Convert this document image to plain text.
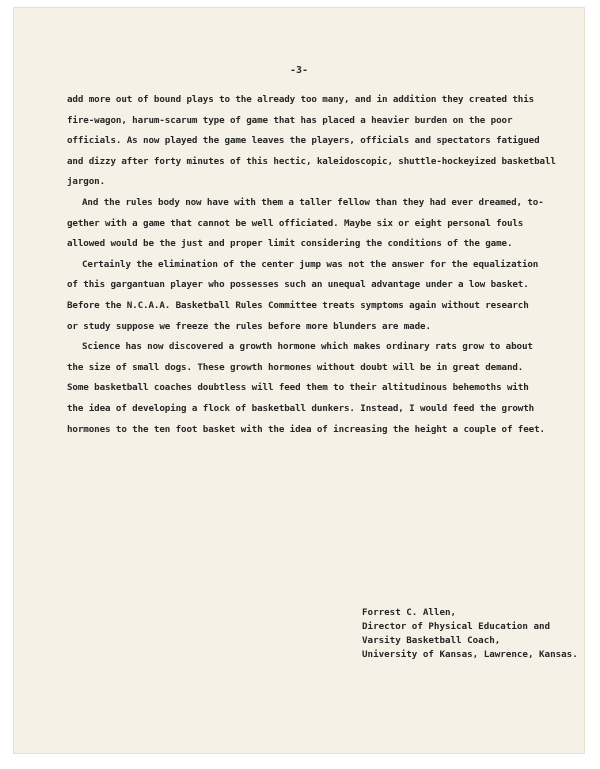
-3-
add more out of bound plays to the already too many, and in addition they created this
fire-wagon, harum-scarum type of game that has placed a heavier burden on the poor
officials. As now played the game leaves the players, officials and spectators fatigued
and dizzy after forty minutes of this hectic, kaleidoscopic, shuttle-hockeyized basketball
jargon.
And the rules body now have with them a taller fellow than they had ever dreamed, to-
gether with a game that cannot be well officiated. Maybe six or eight personal fouls
allowed would be the just and proper limit considering the conditions of the game.
Certainly the elimination of the center jump was not the answer for the equalization
of this gargantuan player who possesses such an unequal advantage under a low basket.
Before the N.C.A.A. Basketball Rules Committee treats symptoms again without research
or study suppose we freeze the rules before more blunders are made.
Science has now discovered a growth hormone which makes ordinary rats grow to about
the size of small dogs. These growth hormones without doubt will be in great demand.
Some basketball coaches doubtless will feed them to their altitudinous behemoths with
the idea of developing a flock of basketball dunkers. Instead, I would feed the growth
hormones to the ten foot basket with the idea of increasing the height a couple of feet.
Forrest C. Allen,
Director of Physical Education and
Varsity Basketball Coach,
University of Kansas, Lawrence, Kansas.
